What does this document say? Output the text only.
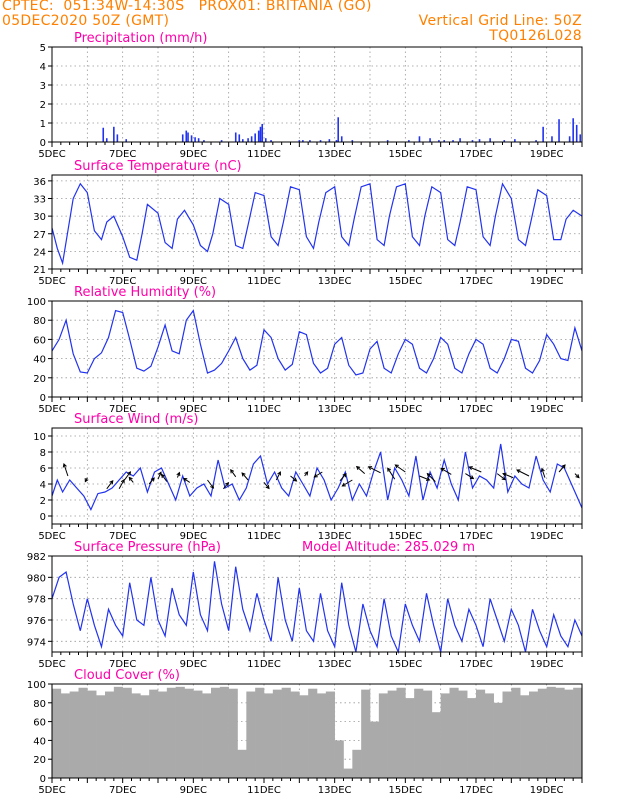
CPTEC:  051:34W-14:30S   PROX01: BRITANIA (GO)
05DEC2020 50Z (GMT)	Vertical Grid Line: 50Z
TQ0126L028
0
1
2
3
4
5
5DEC	7DEC	9DEC	11DEC	13DEC	15DEC	17DEC	19DEC
Precipitation (mm/h)
21
24
27
30
33
36
5DEC	7DEC	9DEC	11DEC	13DEC	15DEC	17DEC	19DEC
Surface Temperature (nC)
0
20
40
60
80
100
5DEC	7DEC	9DEC	11DEC	13DEC	15DEC	17DEC	19DEC
Relative Humidity (%)
0
2
4
6
8
10
5DEC	7DEC	9DEC	11DEC	13DEC	15DEC	17DEC	19DEC
Surface Wind (m/s)
974
976
978
980
982
5DEC	7DEC	9DEC	11DEC	13DEC	15DEC	17DEC	19DEC
Surface Pressure (hPa)	Model Altitude: 285.029 m
0
20
40
60
80
100
5DEC	7DEC	9DEC	11DEC	13DEC	15DEC	17DEC	19DEC
Cloud Cover (%)
